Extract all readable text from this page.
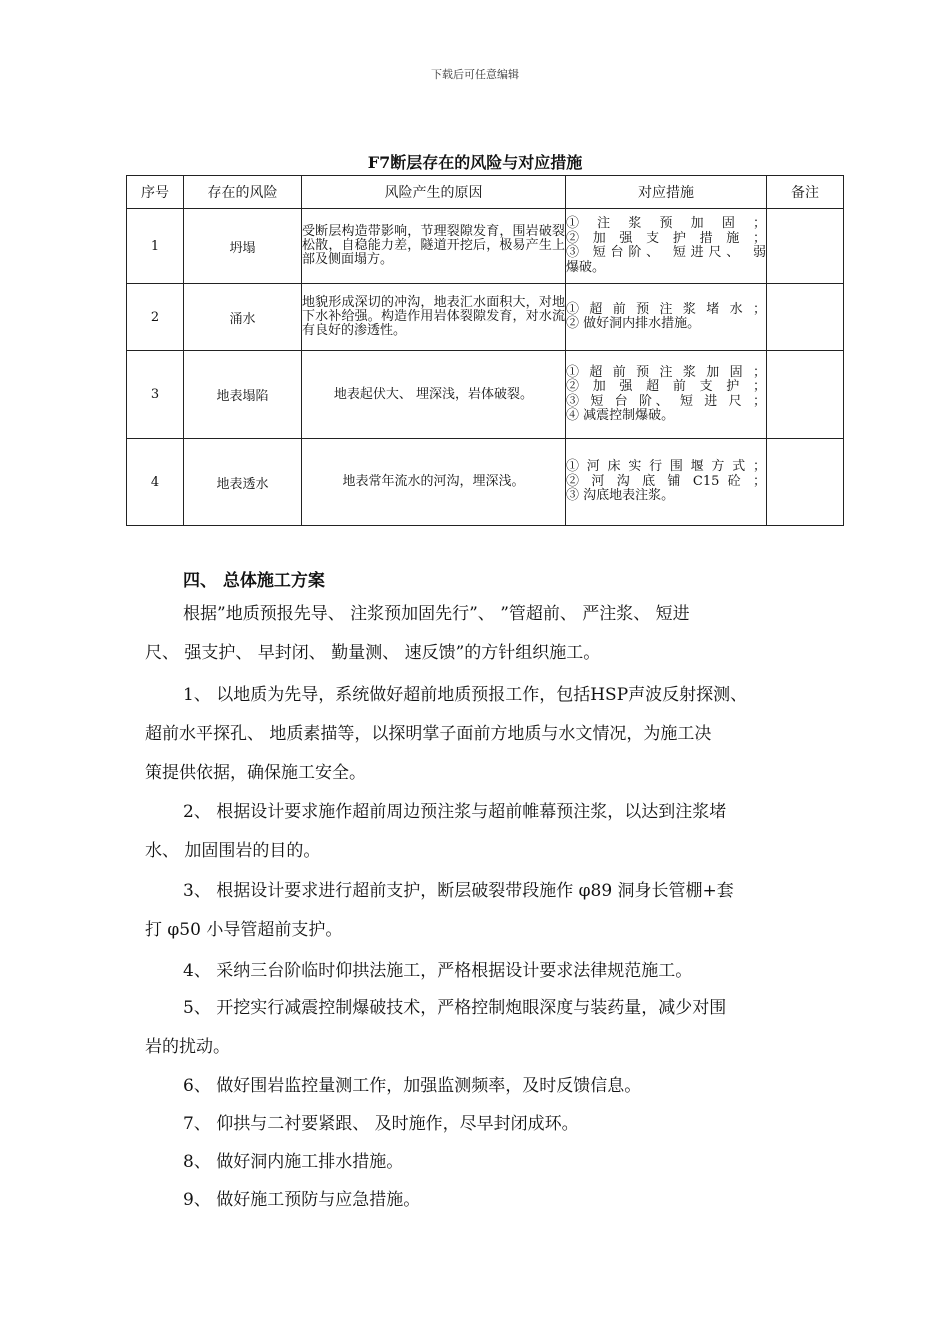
下载后可任意编辑
F7断层存在的风险与对应措施
序号	存在的风险	风险产生的原因	对应措施	备注
1	坍塌	受断层构造带影响，节理裂隙发育，围岩破裂松散，自稳能力差，隧道开挖后，极易产生上部及侧面塌方。	① 注 浆 预 加 固 ；
② 加 强 支 护 措 施 ；
③ 短台阶、 短进尺、 弱
爆破。	

2	涌水	地貌形成深切的冲沟，地表汇水面积大，对地下水补给强。构造作用岩体裂隙发育，对水流有良好的渗透性。	① 超 前 预 注 浆 堵 水 ；
② 做好洞内排水措施。	

3	地表塌陷	地表起伏大、 埋深浅，岩体破裂。	① 超 前 预 注 浆 加 固 ；
② 加 强 超 前 支 护 ；
③ 短 台 阶、 短 进 尺 ；
④ 减震控制爆破。	

4	地表透水	地表常年流水的河沟，埋深浅。	① 河 床 实 行 围 堰 方 式 ；
② 河 沟 底 铺 C15 砼 ；
③ 沟底地表注浆。	

四、 总体施工方案
根据”地质预报先导、 注浆预加固先行”、 ”管超前、 严注浆、 短进
尺、 强支护、 早封闭、 勤量测、 速反馈”的方针组织施工。
1、 以地质为先导，系统做好超前地质预报工作，包括HSP声波反射探测、
超前水平探孔、 地质素描等，以探明掌子面前方地质与水文情况，为施工决
策提供依据，确保施工安全。
2、 根据设计要求施作超前周边预注浆与超前帷幕预注浆，以达到注浆堵
水、 加固围岩的目的。
3、 根据设计要求进行超前支护，断层破裂带段施作 φ89 洞身长管棚+套
打 φ50 小导管超前支护。
4、 采纳三台阶临时仰拱法施工，严格根据设计要求法律规范施工。
5、 开挖实行减震控制爆破技术，严格控制炮眼深度与装药量，减少对围
岩的扰动。
6、 做好围岩监控量测工作，加强监测频率，及时反馈信息。
7、 仰拱与二衬要紧跟、 及时施作，尽早封闭成环。
8、 做好洞内施工排水措施。
9、 做好施工预防与应急措施。
